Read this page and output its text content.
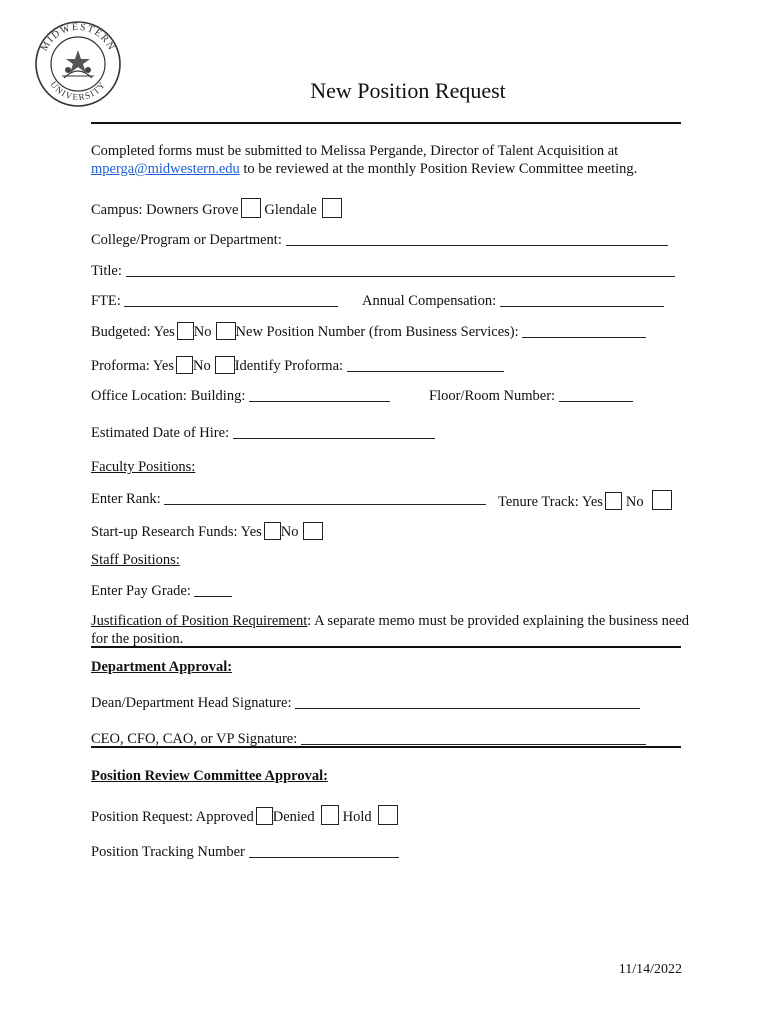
MIDWESTERN
UNIVERSITY	New Position Request
Completed forms must be submitted to Melissa Pergande, Director of Talent Acquisition at
mperga@midwestern.edu to be reviewed at the monthly Position Review Committee meeting.
Campus: Downers Grove Glendale
College/Program or Department:
Title:
FTE:	Annual Compensation:
Budgeted: Yes No New Position Number (from Business Services):
Proforma: Yes No Identify Proforma:
Office Location: Building:	Floor/Room Number:
Estimated Date of Hire:
Faculty Positions:
Enter Rank:	Tenure Track: Yes No
Start-up Research Funds: Yes No
Staff Positions:
Enter Pay Grade:
Justification of Position Requirement: A separate memo must be provided explaining the business need for the position.
Department Approval:
Dean/Department Head Signature:
CEO, CFO, CAO, or VP Signature:
Position Review Committee Approval:
Position Request: Approved Denied Hold
Position Tracking Number
11/14/2022
